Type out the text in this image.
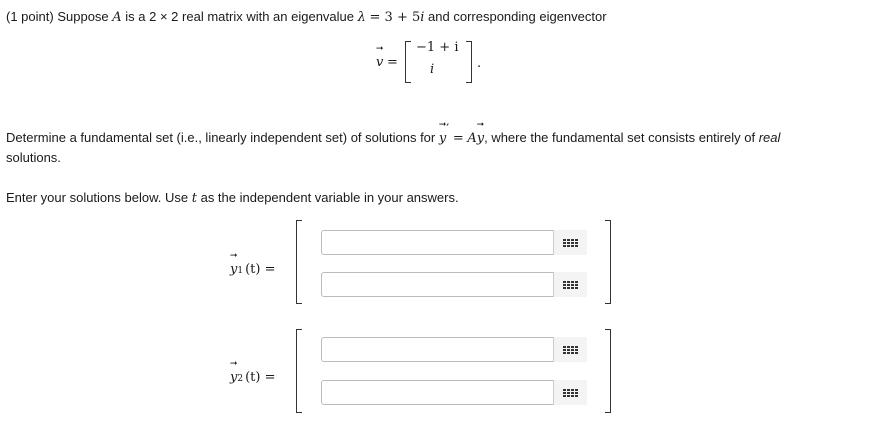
(1 point) Suppose A is a 2 × 2 real matrix with an eigenvalue λ = 3 + 5i and corresponding eigenvector
➞
v =
−1 + i
i	.
Determine a fundamental set (i.e., linearly independent set) of solutions for
➞
y′ = A
➞
y, where the fundamental set consists entirely of real
solutions.
Enter your solutions below. Use t as the independent variable in your answers.
➞
y1 (t) =
➞
y2 (t) =
